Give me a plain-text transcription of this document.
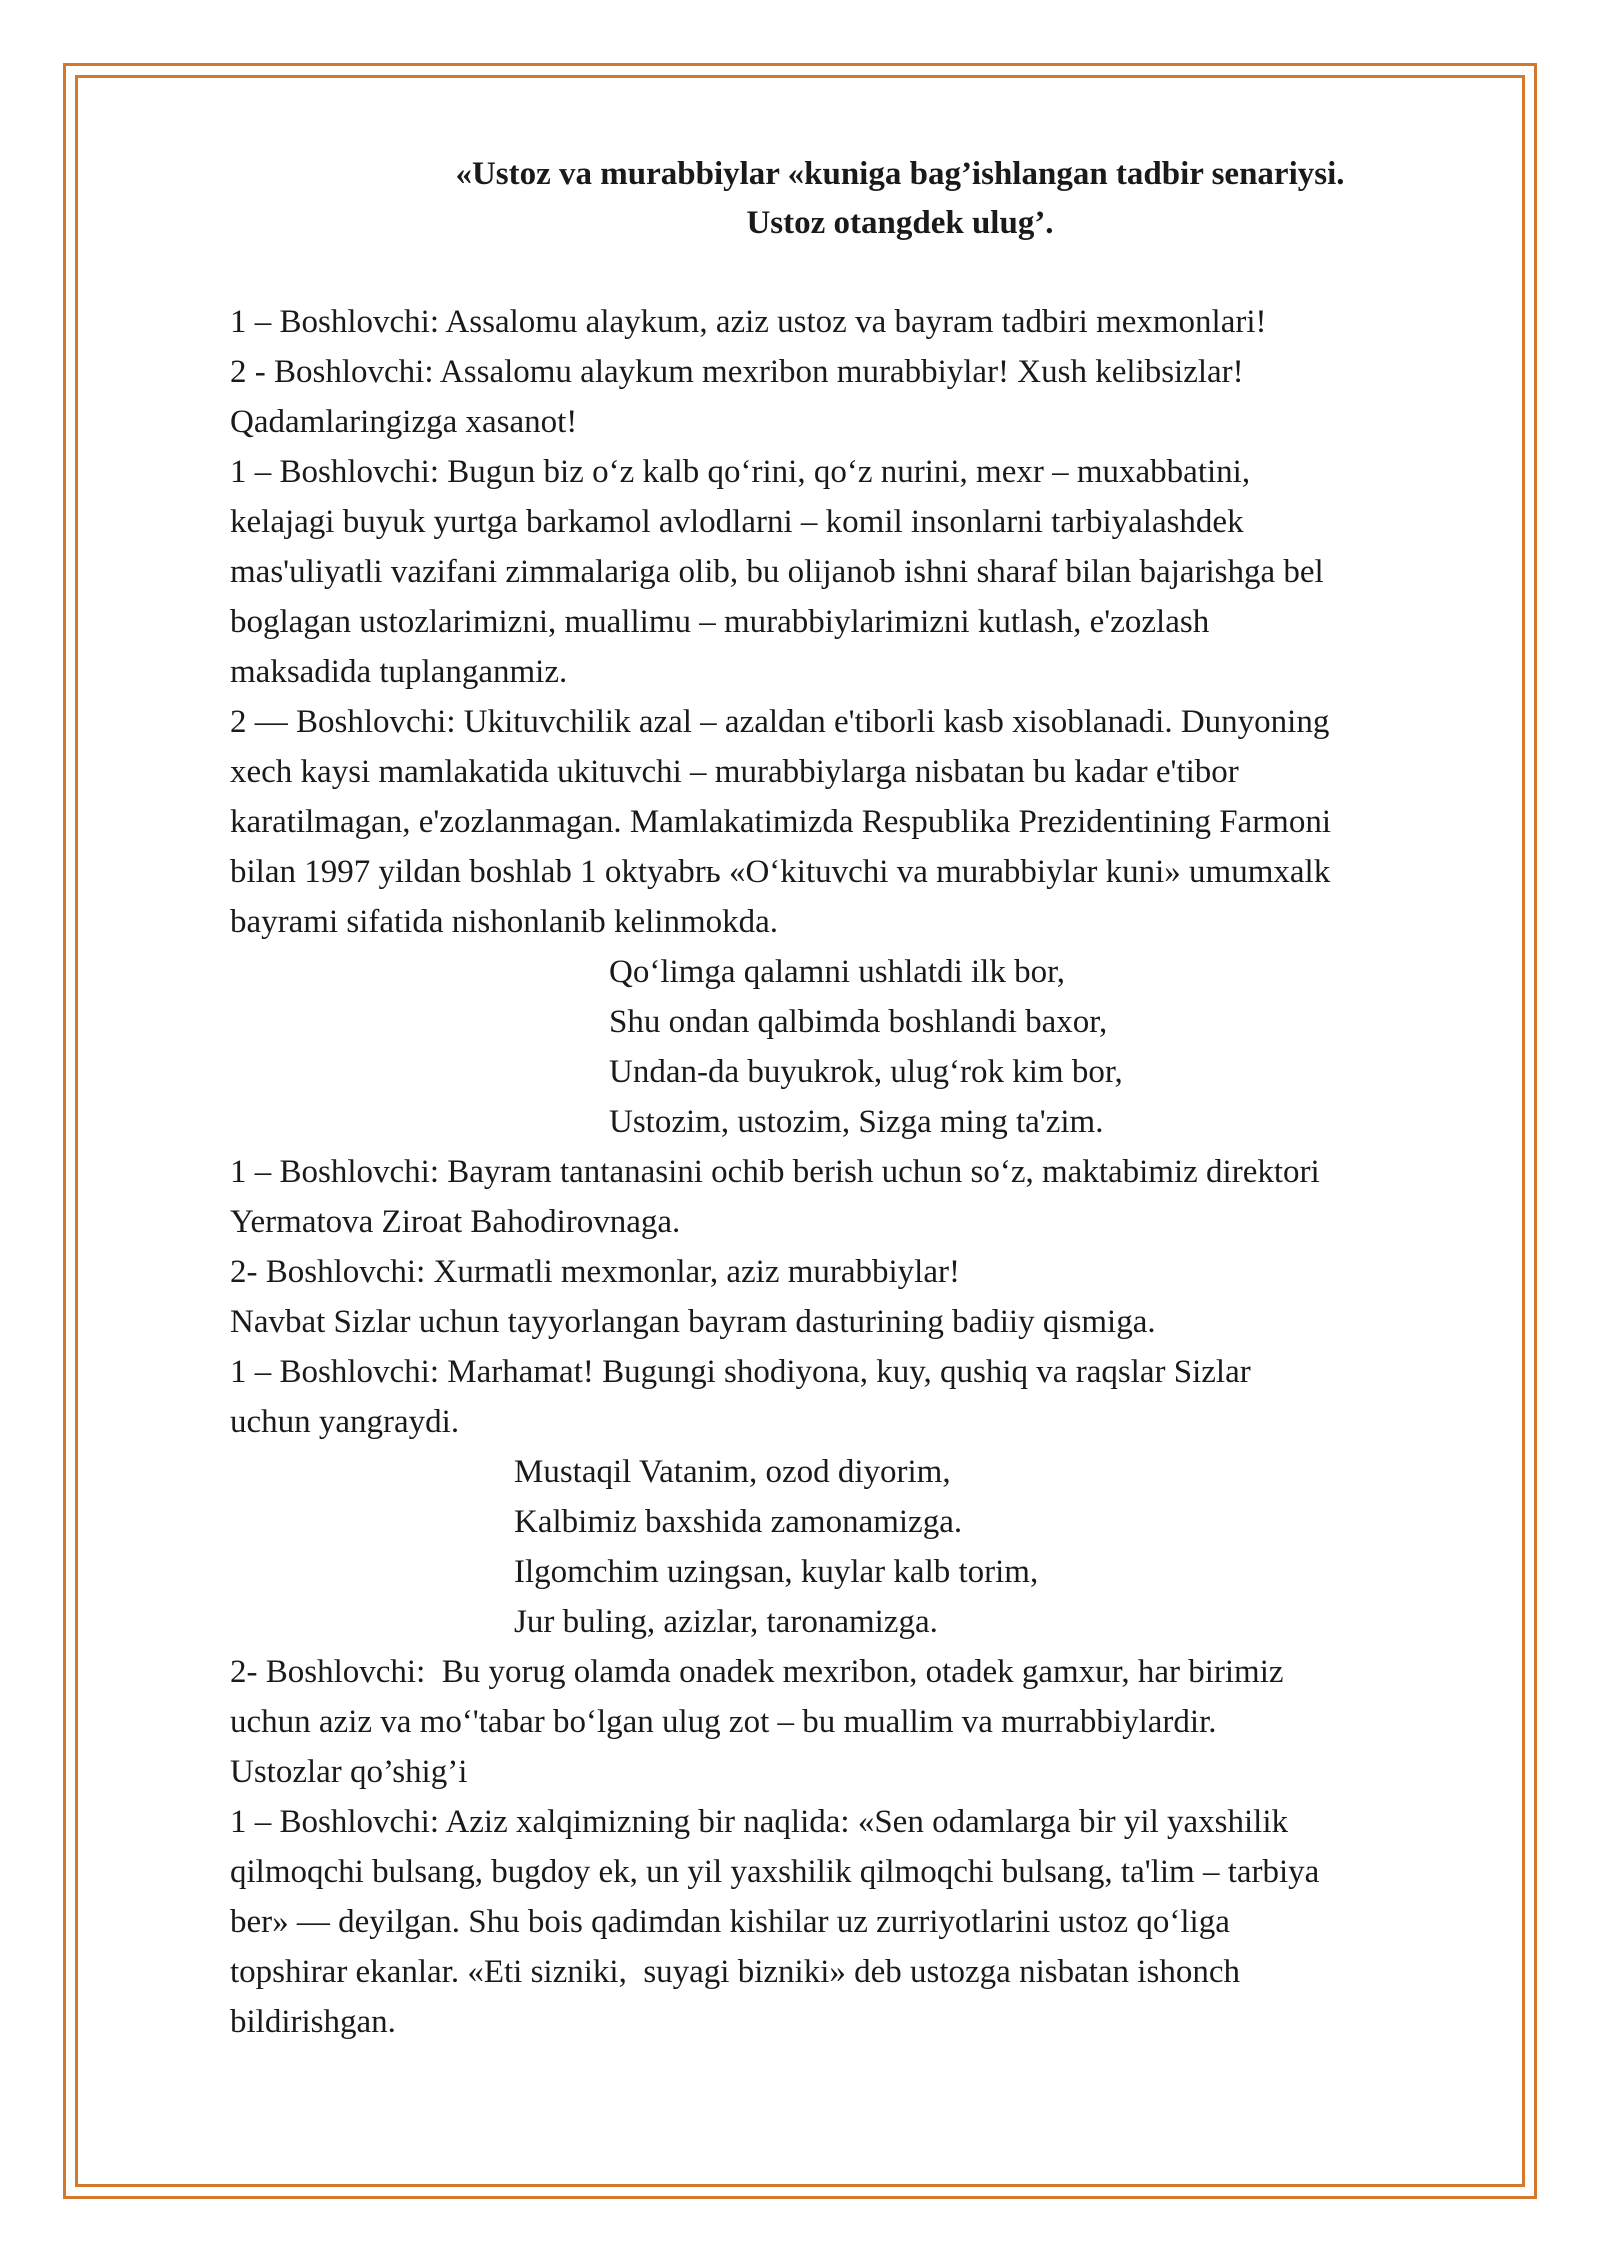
«Ustoz va murabbiylar «kuniga bag’ishlangan tadbir senariysi.

Ustoz otangdek ulug’.

1 – Boshlovchi: Assalomu alaykum, aziz ustoz va bayram tadbiri mexmonlari!

2 - Boshlovchi: Assalomu alaykum mexribon murabbiylar! Xush kelibsizlar!

Qadamlaringizga xasanot!

1 – Boshlovchi: Bugun biz o‘z kalb qo‘rini, qo‘z nurini, mexr – muxabbatini,

kelajagi buyuk yurtga barkamol avlodlarni – komil insonlarni tarbiyalashdek

mas'uliyatli vazifani zimmalariga olib, bu olijanob ishni sharaf bilan bajarishga bel

boglagan ustozlarimizni, muallimu – murabbiylarimizni kutlash, e'zozlash

maksadida tuplanganmiz.

2 — Boshlovchi: Ukituvchilik azal – azaldan e'tiborli kasb xisoblanadi. Dunyoning

xech kaysi mamlakatida ukituvchi – murabbiylarga nisbatan bu kadar e'tibor

karatilmagan, e'zozlanmagan. Mamlakatimizda Respublika Prezidentining Farmoni

bilan 1997 yildan boshlab 1 oktyabrь «O‘kituvchi va murabbiylar kuni» umumxalk

bayrami sifatida nishonlanib kelinmokda.

Qo‘limga qalamni ushlatdi ilk bor,

Shu ondan qalbimda boshlandi baxor,

Undan-da buyukrok, ulug‘rok kim bor,

Ustozim, ustozim, Sizga ming ta'zim.

1 – Boshlovchi: Bayram tantanasini ochib berish uchun so‘z, maktabimiz direktori

Yermatova Ziroat Bahodirovnaga.

2- Boshlovchi: Xurmatli mexmonlar, aziz murabbiylar!

Navbat Sizlar uchun tayyorlangan bayram dasturining badiiy qismiga.

1 – Boshlovchi: Marhamat! Bugungi shodiyona, kuy, qushiq va raqslar Sizlar

uchun yangraydi.

Mustaqil Vatanim, ozod diyorim,

Kalbimiz baxshida zamonamizga.

Ilgomchim uzingsan, kuylar kalb torim,

Jur buling, azizlar, taronamizga.

2- Boshlovchi:  Bu yorug olamda onadek mexribon, otadek gamxur, har birimiz

uchun aziz va mo‘'tabar bo‘lgan ulug zot – bu muallim va murrabbiylardir.

Ustozlar qo’shig’i

1 – Boshlovchi: Aziz xalqimizning bir naqlida: «Sen odamlarga bir yil yaxshilik

qilmoqchi bulsang, bugdoy ek, un yil yaxshilik qilmoqchi bulsang, ta'lim – tarbiya

ber» — deyilgan. Shu bois qadimdan kishilar uz zurriyotlarini ustoz qo‘liga

topshirar ekanlar. «Eti sizniki,  suyagi bizniki» deb ustozga nisbatan ishonch

bildirishgan.
